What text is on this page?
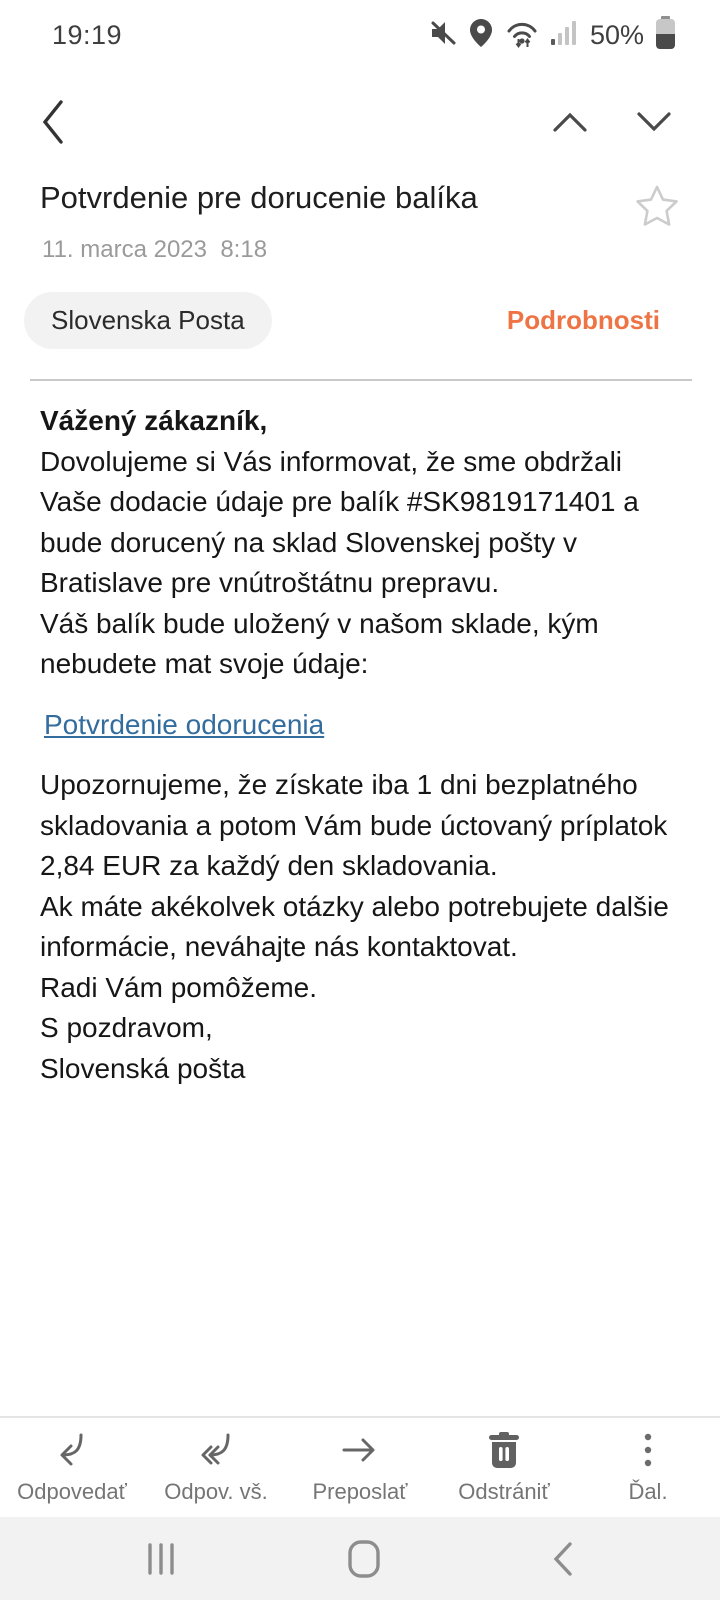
19:19	50%
Potvrdenie pre dorucenie balíka
11. marca 2023  8:18
Slovenska Posta	Podrobnosti
Vážený zákazník,
Dovolujeme si Vás informovat, že sme obdržali Vaše dodacie údaje pre balík #SK9819171401 a bude dorucený na sklad Slovenskej pošty v Bratislave pre vnútroštátnu prepravu.
Váš balík bude uložený v našom sklade, kým nebudete mat svoje údaje:
Potvrdenie odorucenia
Upozornujeme, že získate iba 1 dni bezplatného skladovania a potom Vám bude úctovaný príplatok 2,84 EUR za každý den skladovania.
Ak máte akékolvek otázky alebo potrebujete dalšie informácie, neváhajte nás kontaktovat.
Radi Vám pomôžeme.
S pozdravom,
Slovenská pošta
Odpovedať Odpov. vš. Preposlať Odstrániť	Ďal.
